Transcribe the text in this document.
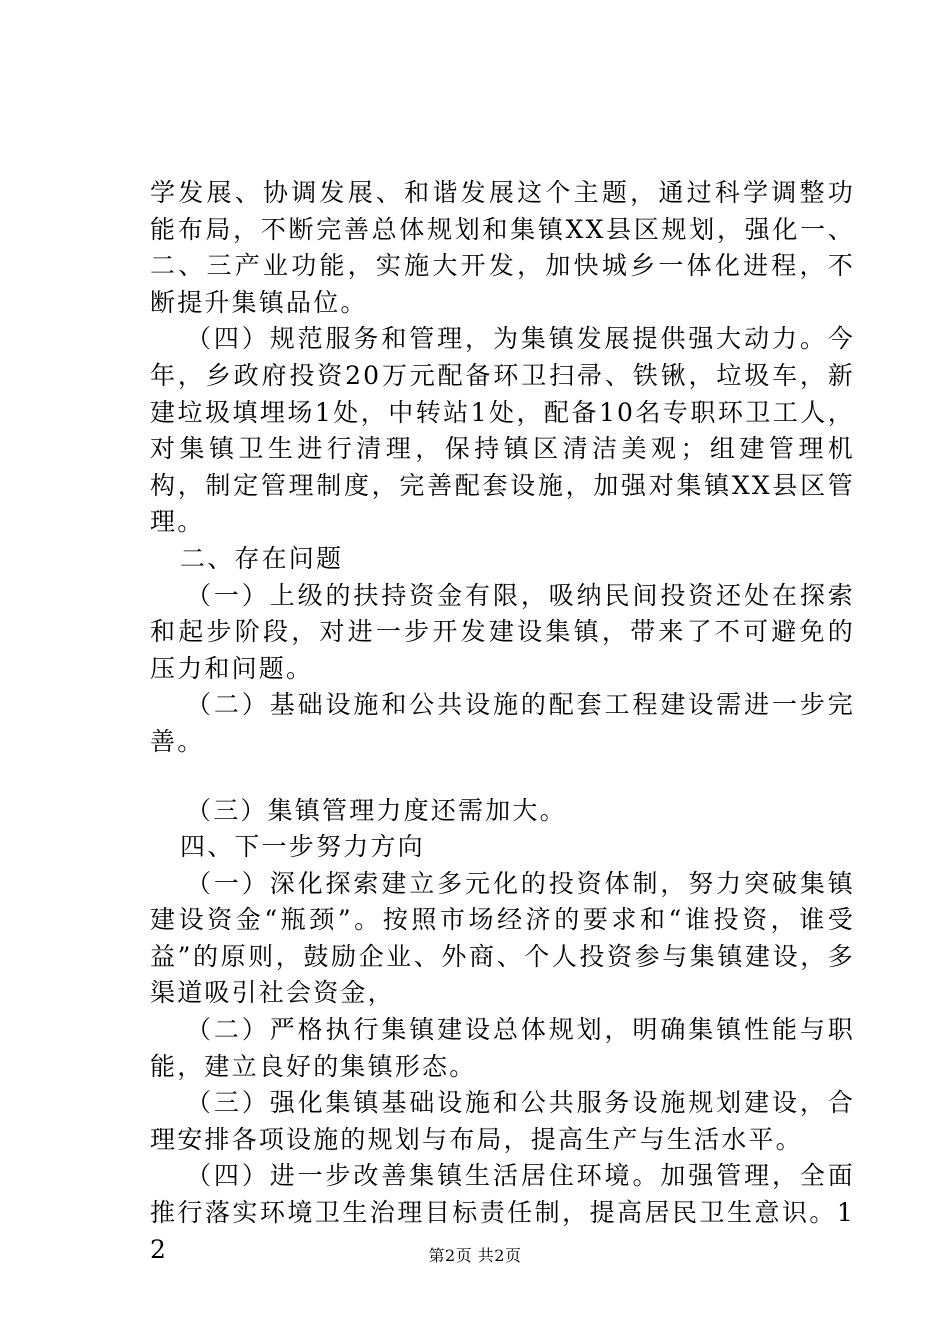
学发展、协调发展、和谐发展这个主题，通过科学调整功能布局，不断完善总体规划和集镇XX县区规划，强化一、二、三产业功能，实施大开发，加快城乡一体化进程，不断提升集镇品位。

（四）规范服务和管理，为集镇发展提供强大动力。今年，乡政府投资20万元配备环卫扫帚、铁锹，垃圾车，新建垃圾填埋场1处，中转站1处，配备10名专职环卫工人，对集镇卫生进行清理，保持镇区清洁美观；组建管理机构，制定管理制度，完善配套设施，加强对集镇XX县区管理。

二、存在问题

（一）上级的扶持资金有限，吸纳民间投资还处在探索和起步阶段，对进一步开发建设集镇，带来了不可避免的压力和问题。

（二）基础设施和公共设施的配套工程建设需进一步完善。

（三）集镇管理力度还需加大。

四、下一步努力方向

（一）深化探索建立多元化的投资体制，努力突破集镇建设资金“瓶颈”。按照市场经济的要求和“谁投资，谁受益”的原则，鼓励企业、外商、个人投资参与集镇建设，多渠道吸引社会资金，

（二）严格执行集镇建设总体规划，明确集镇性能与职能，建立良好的集镇形态。

（三）强化集镇基础设施和公共服务设施规划建设，合理安排各项设施的规划与布局，提高生产与生活水平。

（四）进一步改善集镇生活居住环境。加强管理，全面推行落实环境卫生治理目标责任制，提高居民卫生意识。12	第2页 共2页
